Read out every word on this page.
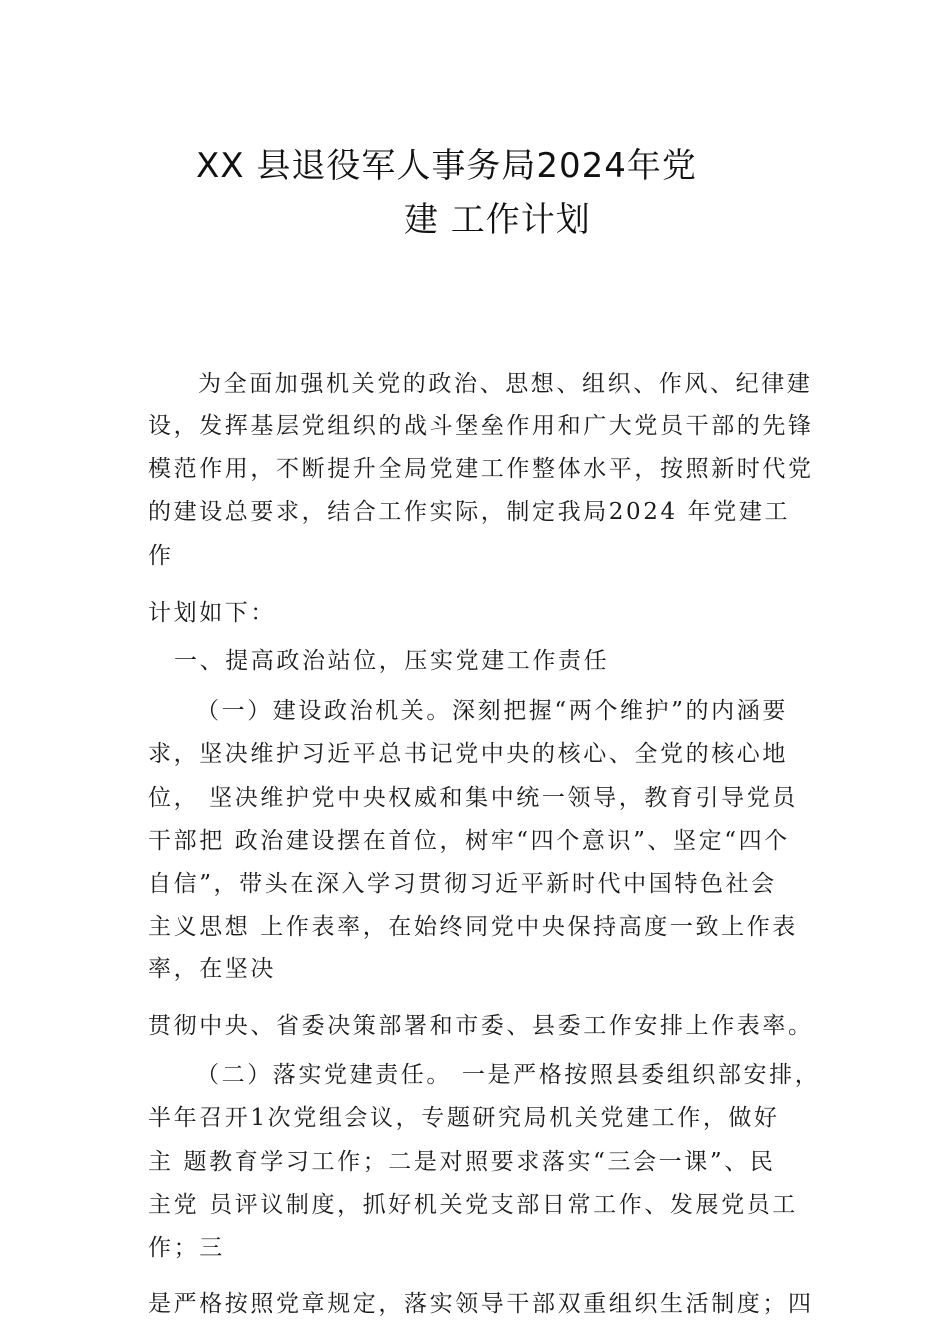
XX 县退役军人事务局2024年党
建 工作计划
为全面加强机关党的政治、思想、组织、作风、纪律建
设，发挥基层党组织的战斗堡垒作用和广大党员干部的先锋
模范作用，不断提升全局党建工作整体水平，按照新时代党
的建设总要求，结合工作实际，制定我局2024 年党建工
作
计划如下：
一、提高政治站位，压实党建工作责任
（一）建设政治机关。深刻把握“两个维护”的内涵要
求，坚决维护习近平总书记党中央的核心、全党的核心地
位， 坚决维护党中央权威和集中统一领导，教育引导党员
干部把 政治建设摆在首位，树牢“四个意识”、坚定“四个
自信”，带头在深入学习贯彻习近平新时代中国特色社会
主义思想 上作表率，在始终同党中央保持高度一致上作表
率，在坚决
贯彻中央、省委决策部署和市委、县委工作安排上作表率。
（二）落实党建责任。 一是严格按照县委组织部安排，
半年召开1次党组会议，专题研究局机关党建工作，做好
主 题教育学习工作；二是对照要求落实“三会一课”、民
主党 员评议制度，抓好机关党支部日常工作、发展党员工
作；三
是严格按照党章规定，落实领导干部双重组织生活制度；四
